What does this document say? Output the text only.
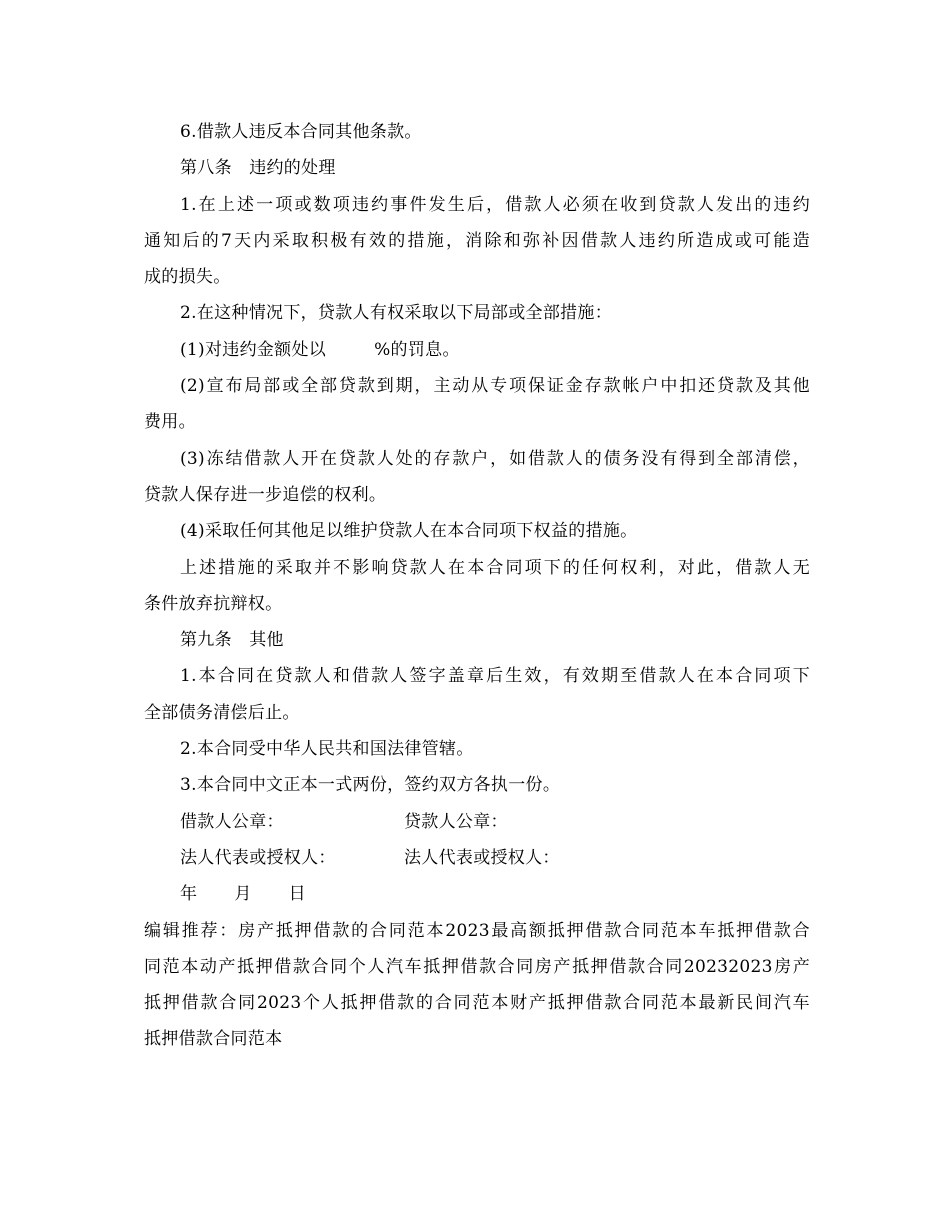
6.借款人违反本合同其他条款。
第八条　违约的处理
1.在上述一项或数项违约事件发生后，借款人必须在收到贷款人发出的违约
通知后的7天内采取积极有效的措施，消除和弥补因借款人违约所造成或可能造
成的损失。
2.在这种情况下，贷款人有权采取以下局部或全部措施：
(1)对违约金额处以	%的罚息。
(2)宣布局部或全部贷款到期，主动从专项保证金存款帐户中扣还贷款及其他
费用。
(3)冻结借款人开在贷款人处的存款户，如借款人的债务没有得到全部清偿，
贷款人保存进一步追偿的权利。
(4)采取任何其他足以维护贷款人在本合同项下权益的措施。
上述措施的采取并不影响贷款人在本合同项下的任何权利，对此，借款人无
条件放弃抗辩权。
第九条　其他
1.本合同在贷款人和借款人签字盖章后生效，有效期至借款人在本合同项下
全部债务清偿后止。
2.本合同受中华人民共和国法律管辖。
3.本合同中文正本一式两份，签约双方各执一份。
借款人公章：	贷款人公章：
法人代表或授权人：	法人代表或授权人：
年 月 日
编辑推荐：房产抵押借款的合同范本2023最高额抵押借款合同范本车抵押借款合
同范本动产抵押借款合同个人汽车抵押借款合同房产抵押借款合同20232023房产
抵押借款合同2023个人抵押借款的合同范本财产抵押借款合同范本最新民间汽车
抵押借款合同范本
